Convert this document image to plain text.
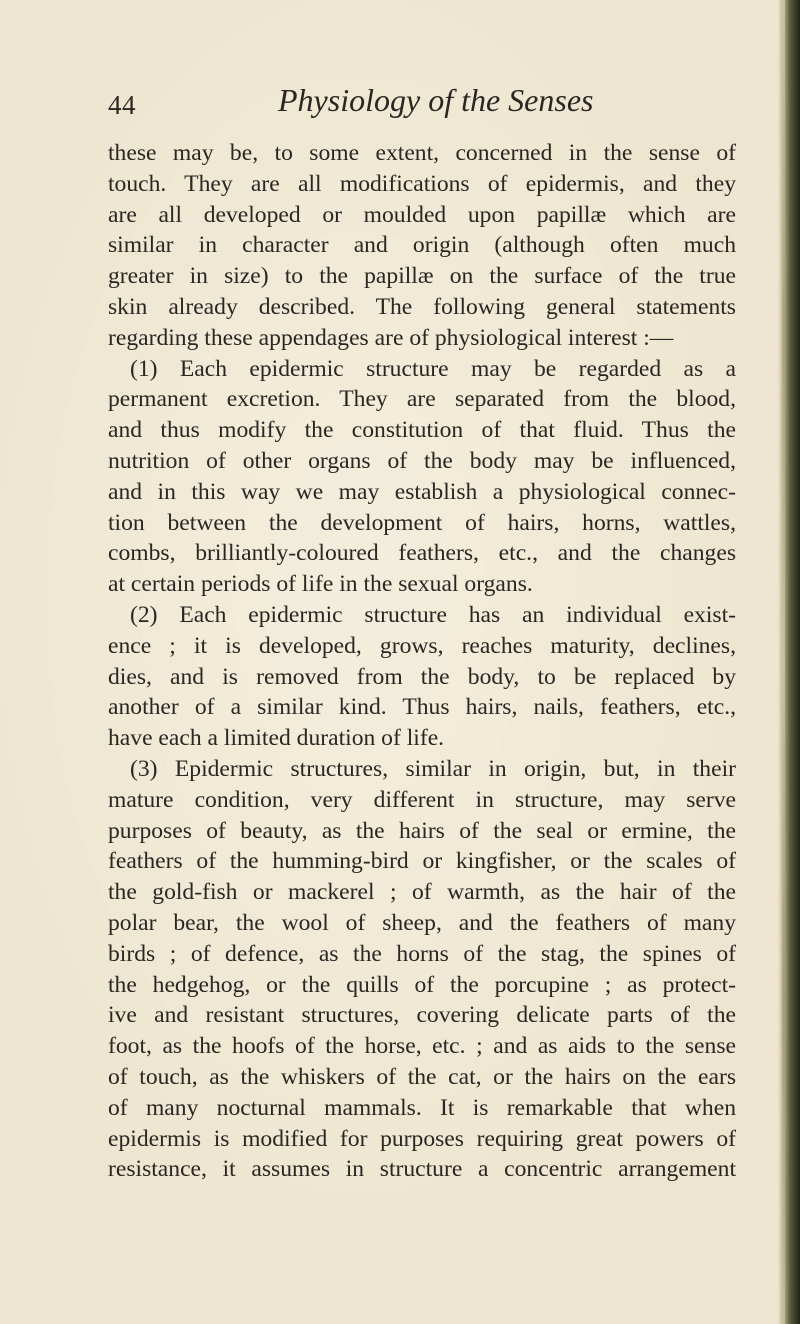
44	Physiology of the Senses
these may be, to some extent, concerned in the sense of
touch. They are all modifications of epidermis, and they
are all developed or moulded upon papillæ which are
similar in character and origin (although often much
greater in size) to the papillæ on the surface of the true
skin already described. The following general statements
regarding these appendages are of physiological interest :—
(1) Each epidermic structure may be regarded as a
permanent excretion. They are separated from the blood,
and thus modify the constitution of that fluid. Thus the
nutrition of other organs of the body may be influenced,
and in this way we may establish a physiological connec-
tion between the development of hairs, horns, wattles,
combs, brilliantly-coloured feathers, etc., and the changes
at certain periods of life in the sexual organs.
(2) Each epidermic structure has an individual exist-
ence ; it is developed, grows, reaches maturity, declines,
dies, and is removed from the body, to be replaced by
another of a similar kind. Thus hairs, nails, feathers, etc.,
have each a limited duration of life.
(3) Epidermic structures, similar in origin, but, in their
mature condition, very different in structure, may serve
purposes of beauty, as the hairs of the seal or ermine, the
feathers of the humming-bird or kingfisher, or the scales of
the gold-fish or mackerel ; of warmth, as the hair of the
polar bear, the wool of sheep, and the feathers of many
birds ; of defence, as the horns of the stag, the spines of
the hedgehog, or the quills of the porcupine ; as protect-
ive and resistant structures, covering delicate parts of the
foot, as the hoofs of the horse, etc. ; and as aids to the sense
of touch, as the whiskers of the cat, or the hairs on the ears
of many nocturnal mammals. It is remarkable that when
epidermis is modified for purposes requiring great powers of
resistance, it assumes in structure a concentric arrangement
